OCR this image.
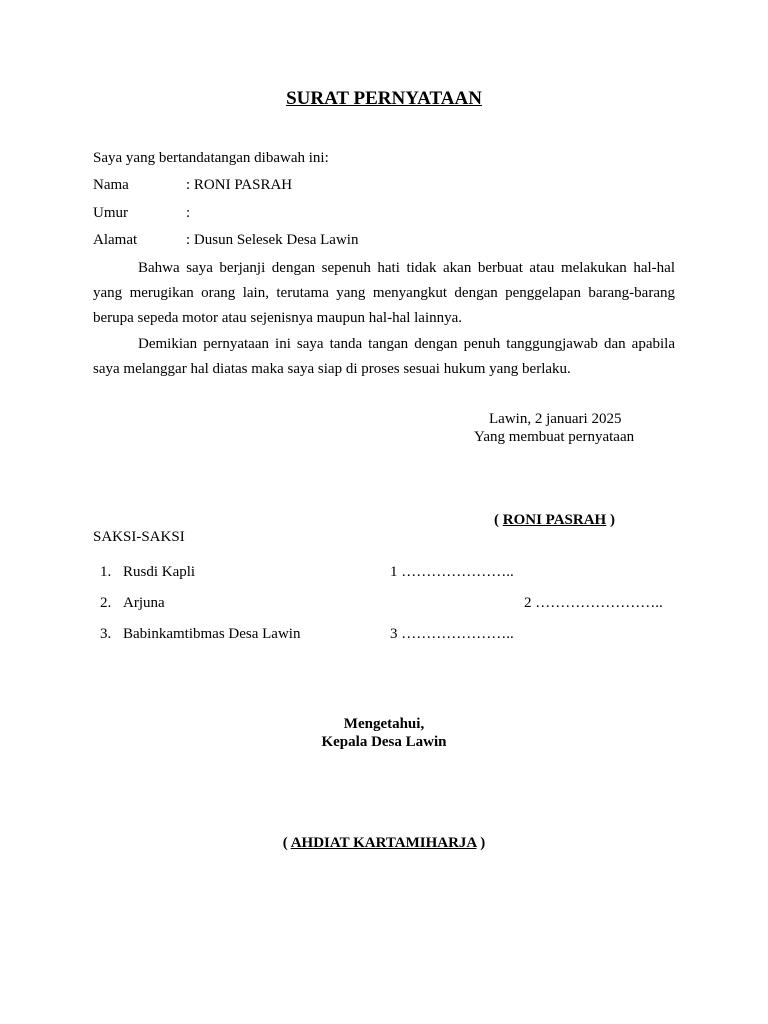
SURAT PERNYATAAN
Saya yang bertandatangan dibawah ini:
Nama	: RONI PASRAH
Umur	:
Alamat	: Dusun Selesek Desa Lawin
Bahwa saya berjanji dengan sepenuh hati tidak akan berbuat atau melakukan hal-hal yang merugikan orang lain, terutama yang menyangkut dengan penggelapan barang-barang berupa sepeda motor atau sejenisnya maupun hal-hal lainnya.
Demikian pernyataan ini saya tanda tangan dengan penuh tanggungjawab dan apabila saya melanggar hal diatas maka saya siap di proses sesuai hukum yang berlaku.
Lawin, 2 januari 2025
Yang membuat pernyataan
( RONI PASRAH )
SAKSI-SAKSI
1. Rusdi Kapli	1 …………………..
2. Arjuna	2 ……………………..
3. Babinkamtibmas Desa Lawin	3 …………………..
Mengetahui,
Kepala Desa Lawin
( AHDIAT KARTAMIHARJA )
